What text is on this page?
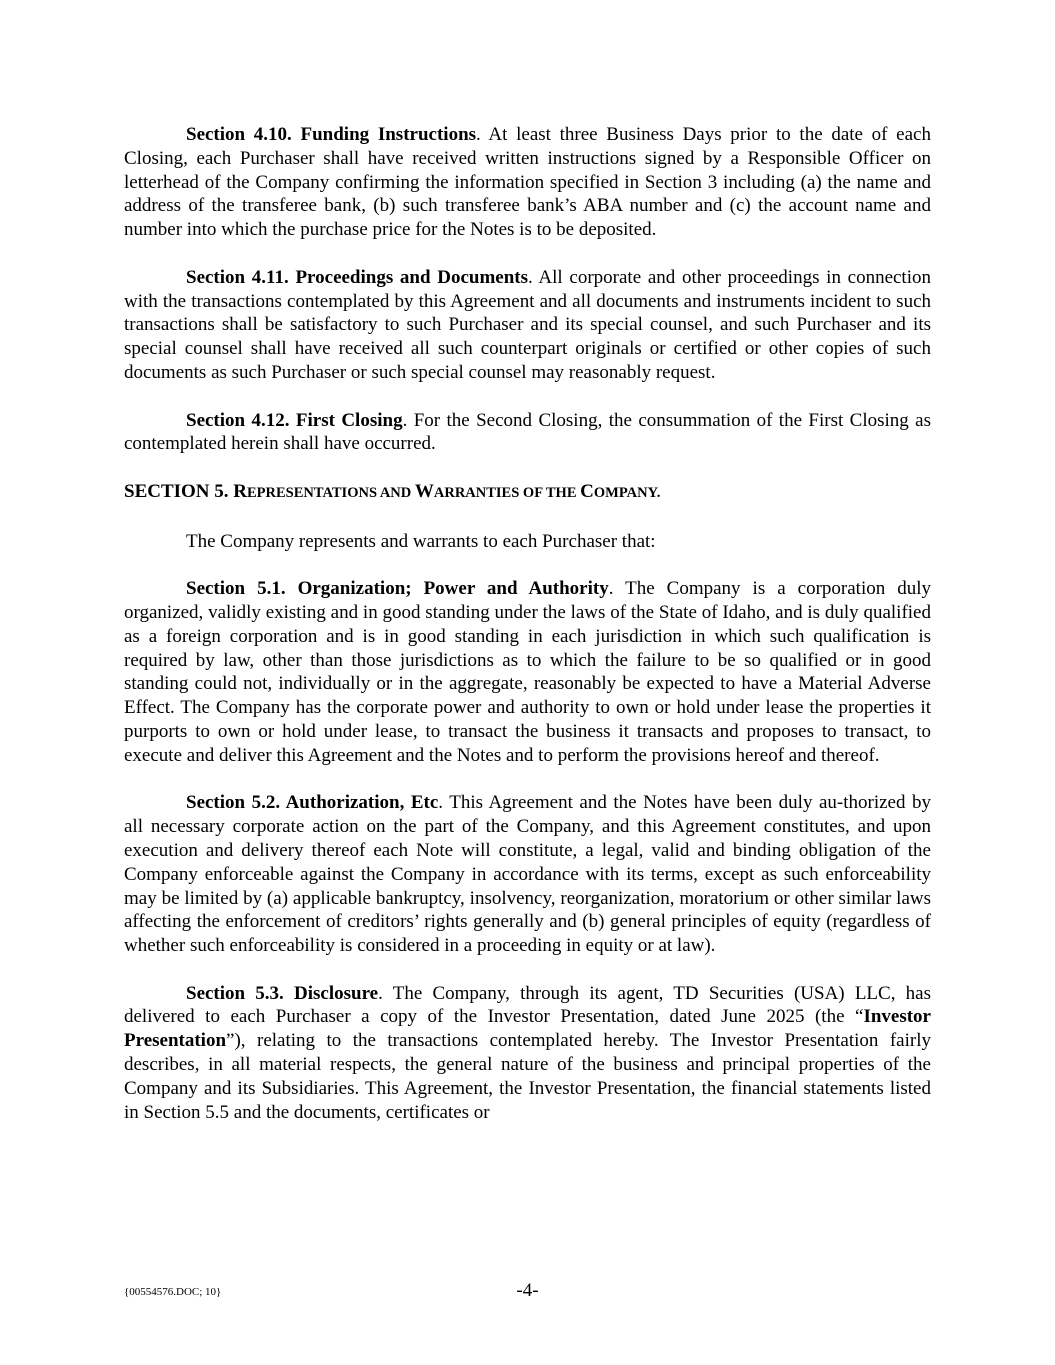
Section 4.10. Funding Instructions. At least three Business Days prior to the date of each Closing, each Purchaser shall have received written instructions signed by a Responsible Officer on letterhead of the Company confirming the information specified in Section 3 including (a) the name and address of the transferee bank, (b) such transferee bank’s ABA number and (c) the account name and number into which the purchase price for the Notes is to be deposited.

Section 4.11. Proceedings and Documents. All corporate and other proceedings in connection with the transactions contemplated by this Agreement and all documents and instruments incident to such transactions shall be satisfactory to such Purchaser and its special counsel, and such Purchaser and its special counsel shall have received all such counterpart originals or certified or other copies of such documents as such Purchaser or such special counsel may reasonably request.

Section 4.12. First Closing. For the Second Closing, the consummation of the First Closing as contemplated herein shall have occurred.

SECTION 5. REPRESENTATIONS AND WARRANTIES OF THE COMPANY.

The Company represents and warrants to each Purchaser that:

Section 5.1. Organization; Power and Authority. The Company is a corporation duly organized, validly existing and in good standing under the laws of the State of Idaho, and is duly qualified as a foreign corporation and is in good standing in each jurisdiction in which such qualification is required by law, other than those jurisdictions as to which the failure to be so qualified or in good standing could not, individually or in the aggregate, reasonably be expected to have a Material Adverse Effect. The Company has the corporate power and authority to own or hold under lease the properties it purports to own or hold under lease, to transact the business it transacts and proposes to transact, to execute and deliver this Agreement and the Notes and to perform the provisions hereof and thereof.

Section 5.2. Authorization, Etc. This Agreement and the Notes have been duly au-thorized by all necessary corporate action on the part of the Company, and this Agreement constitutes, and upon execution and delivery thereof each Note will constitute, a legal, valid and binding obligation of the Company enforceable against the Company in accordance with its terms, except as such enforceability may be limited by (a) applicable bankruptcy, insolvency, reorganization, moratorium or other similar laws affecting the enforcement of creditors’ rights generally and (b) general principles of equity (regardless of whether such enforceability is considered in a proceeding in equity or at law).

Section 5.3. Disclosure. The Company, through its agent, TD Securities (USA) LLC, has delivered to each Purchaser a copy of the Investor Presentation, dated June 2025 (the “Investor Presentation”), relating to the transactions contemplated hereby. The Investor Presentation fairly describes, in all material respects, the general nature of the business and principal properties of the Company and its Subsidiaries. This Agreement, the Investor Presentation, the financial statements listed in Section 5.5 and the documents, certificates or

{00554576.DOC; 10}	-4-
